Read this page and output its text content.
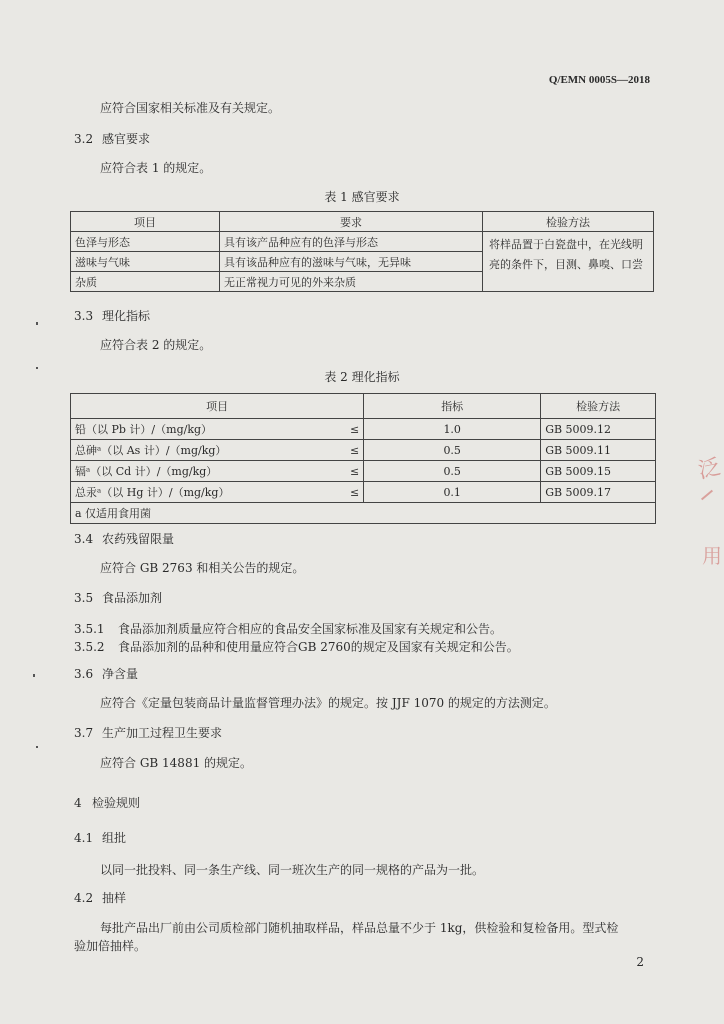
Q/EMN 0005S—2018
应符合国家相关标准及有关规定。
3.2 感官要求
应符合表 1 的规定。
表 1 感官要求
项目	要求	检验方法
色泽与形态	具有该产品种应有的色泽与形态	将样品置于白瓷盘中，在光线明亮的条件下，目测、鼻嗅、口尝
滋味与气味	具有该品种应有的滋味与气味，无异味	
杂质	无正常视力可见的外来杂质	
3.3 理化指标
应符合表 2 的规定。
表 2 理化指标
项目		指标	检验方法
铅（以 Pb 计）/（mg/kg）	≤	1.0	GB 5009.12
总砷ᵃ（以 As 计）/（mg/kg）	≤	0.5	GB 5009.11
镉ᵃ（以 Cd 计）/（mg/kg）	≤	0.5	GB 5009.15
总汞ᵃ（以 Hg 计）/（mg/kg）	≤	0.1	GB 5009.17
a 仅适用食用菌			
3.4 农药残留限量
应符合 GB 2763 和相关公告的规定。
3.5 食品添加剂
3.5.1 食品添加剂质量应符合相应的食品安全国家标准及国家有关规定和公告。
3.5.2 食品添加剂的品种和使用量应符合GB 2760的规定及国家有关规定和公告。
3.6 净含量
应符合《定量包装商品计量监督管理办法》的规定。按 JJF 1070 的规定的方法测定。
3.7 生产加工过程卫生要求
应符合 GB 14881 的规定。
4 检验规则
4.1 组批
以同一批投料、同一条生产线、同一班次生产的同一规格的产品为一批。
4.2 抽样
每批产品出厂前由公司质检部门随机抽取样品，样品总量不少于 1kg，供检验和复检备用。型式检
验加倍抽样。
2
泛
用
